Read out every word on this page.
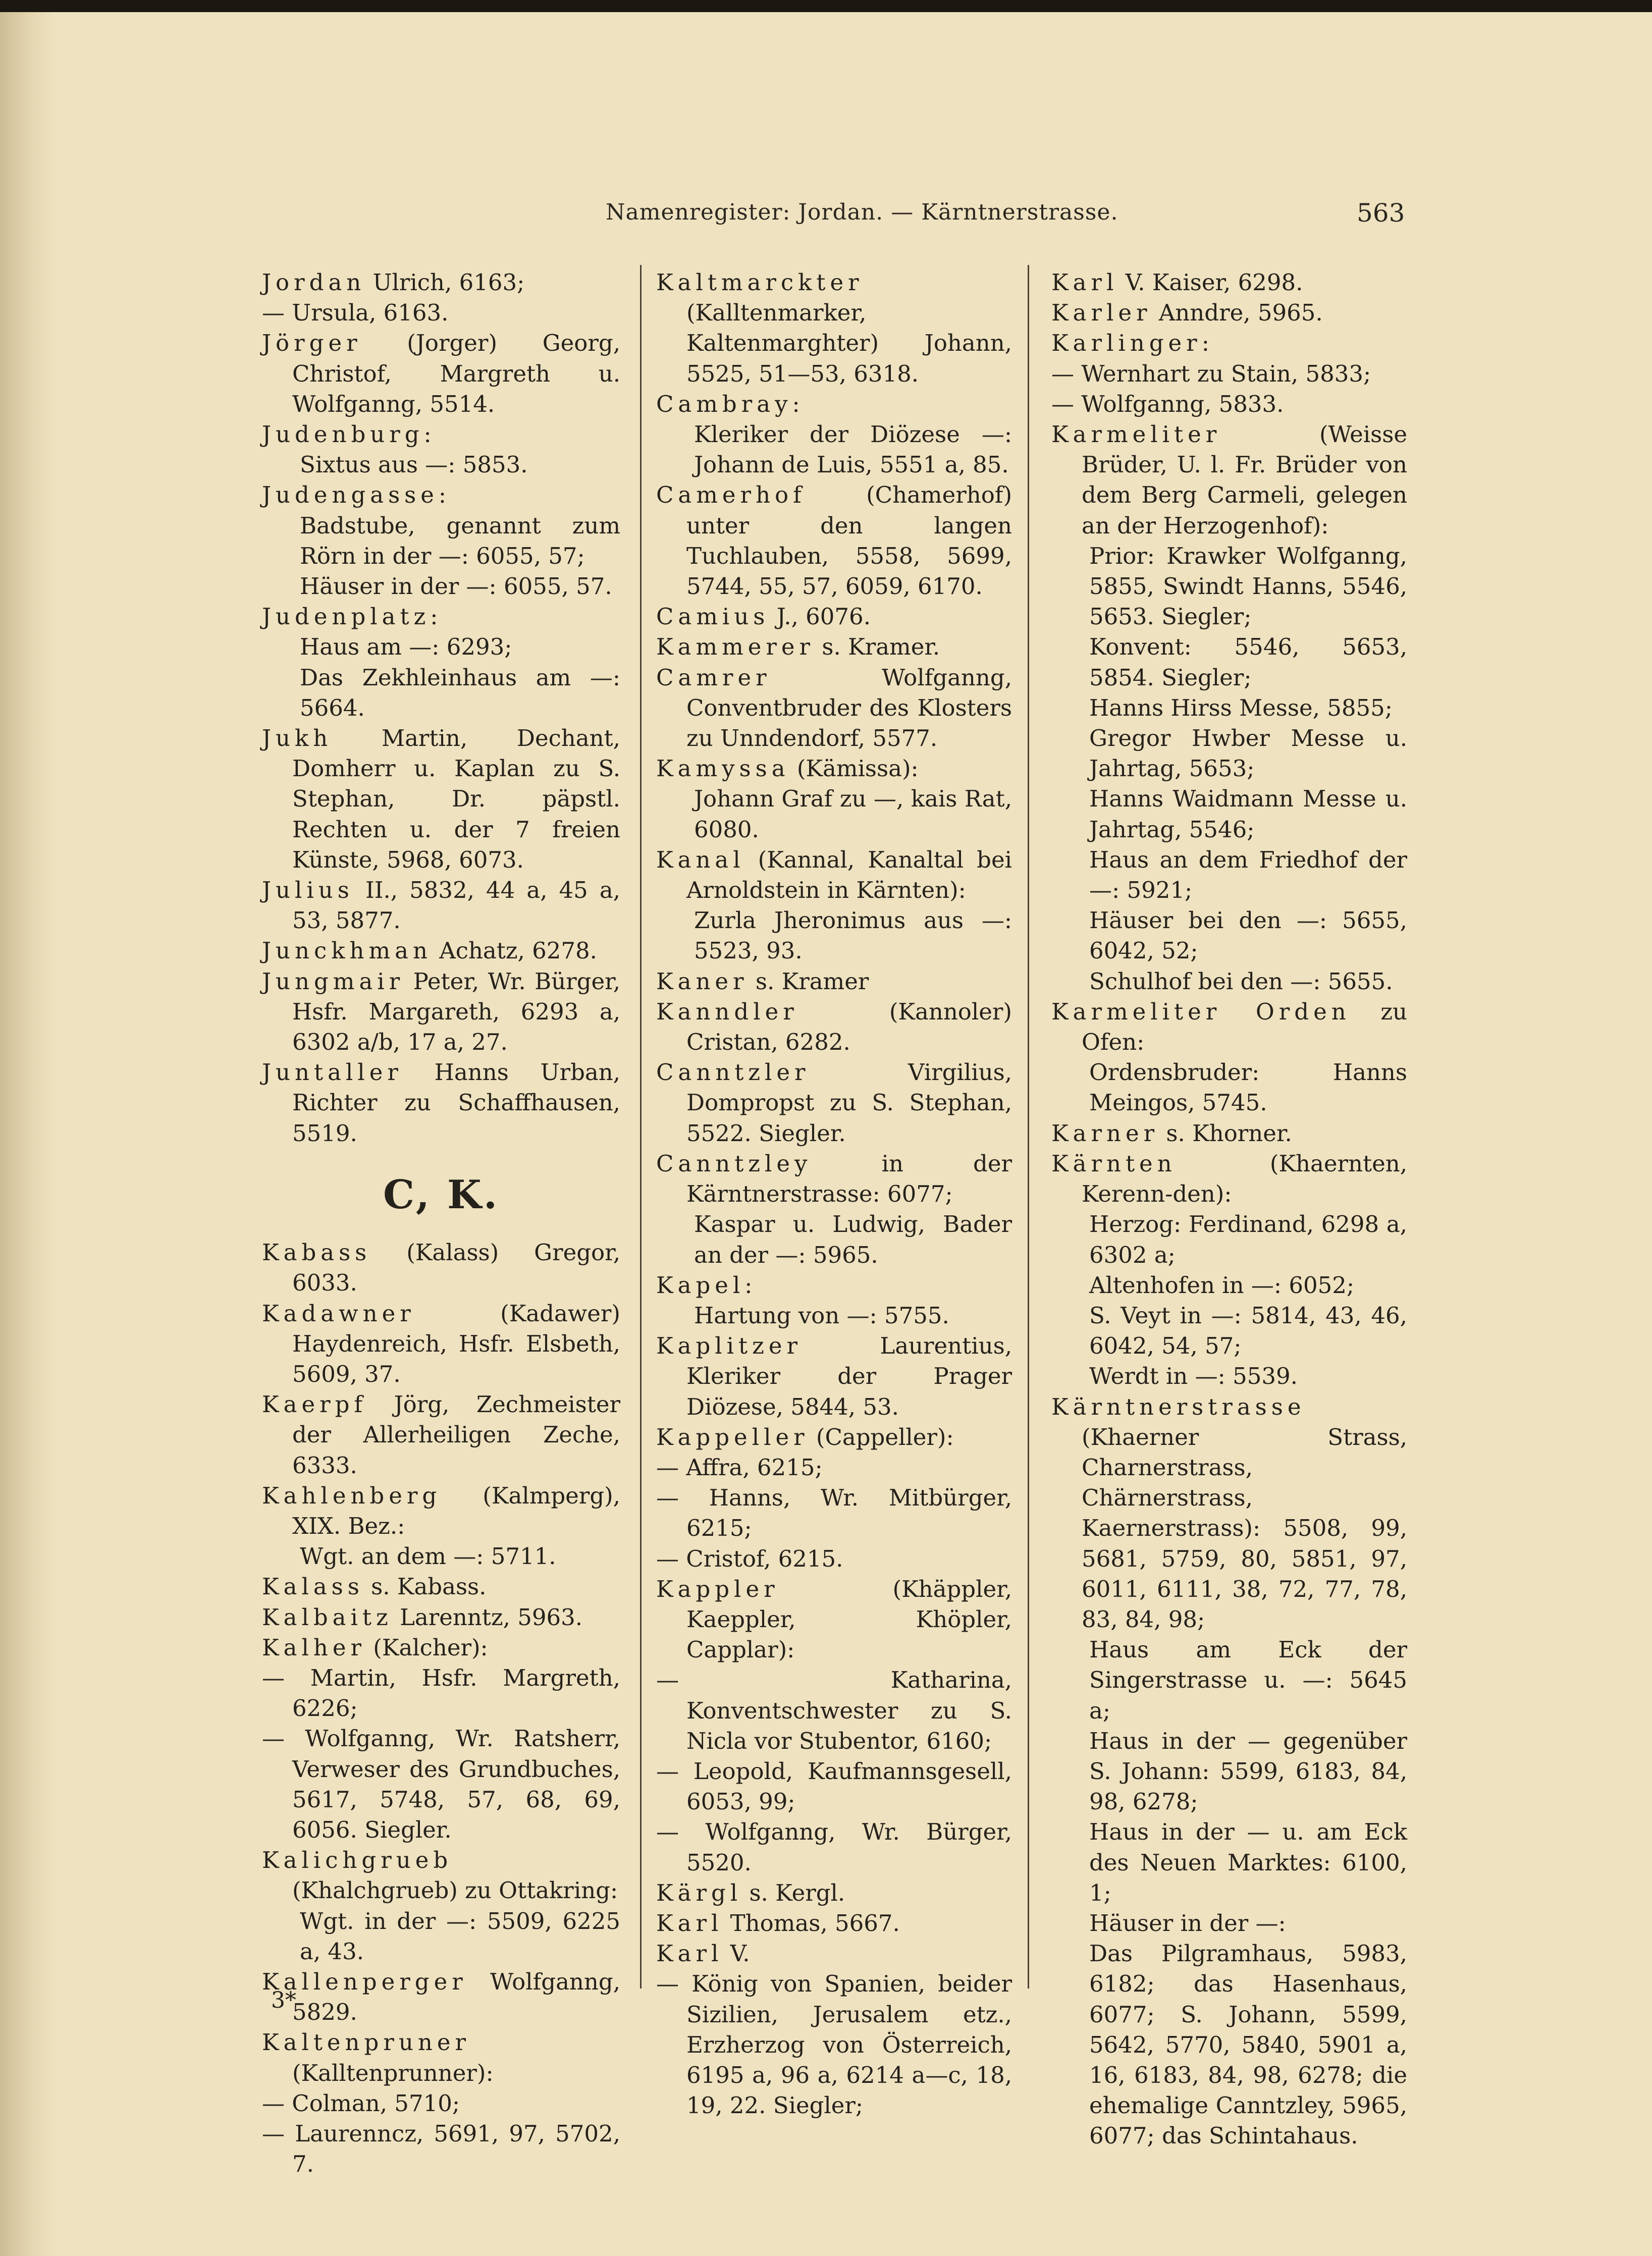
Namenregister: Jordan. — Kärntnerstrasse.	563
Jordan Ulrich, 6163;
— Ursula, 6163.
Jörger (Jorger) Georg, Christof, Margreth u. Wolfganng, 5514.
Judenburg:
Sixtus aus —: 5853.
Judengasse:
Badstube, genannt zum Rörn in der —: 6055, 57;
Häuser in der —: 6055, 57.
Judenplatz:
Haus am —: 6293;
Das Zekhleinhaus am —: 5664.
Jukh Martin, Dechant, Domherr u. Kaplan zu S. Stephan, Dr. päpstl. Rechten u. der 7 freien Künste, 5968, 6073.
Julius II., 5832, 44 a, 45 a, 53, 5877.
Junckhman Achatz, 6278.
Jungmair Peter, Wr. Bürger, Hsfr. Margareth, 6293 a, 6302 a/b, 17 a, 27.
Juntaller Hanns Urban, Richter zu Schaffhausen, 5519.
C, K.
Kabass (Kalass) Gregor, 6033.
Kadawner (Kadawer) Haydenreich, Hsfr. Elsbeth, 5609, 37.
Kaerpf Jörg, Zechmeister der Allerheiligen Zeche, 6333.
Kahlenberg (Kalmperg), XIX. Bez.:
Wgt. an dem —: 5711.
Kalass s. Kabass.
Kalbaitz Larenntz, 5963.
Kalher (Kalcher):
— Martin, Hsfr. Margreth, 6226;
— Wolfganng, Wr. Ratsherr, Verweser des Grundbuches, 5617, 5748, 57, 68, 69, 6056. Siegler.
Kalichgrueb (Khalchgrueb) zu Ottakring:
Wgt. in der —: 5509, 6225 a, 43.
Kallenperger Wolfganng, 5829.
Kaltenpruner (Kalltenprunner):
— Colman, 5710;
— Laurenncz, 5691, 97, 5702, 7.
Kaltmarckter (Kalltenmarker, Kaltenmarghter) Johann, 5525, 51—53, 6318.
Cambray:
Kleriker der Diözese —: Johann de Luis, 5551 a, 85.
Camerhof (Chamerhof) unter den langen Tuchlauben, 5558, 5699, 5744, 55, 57, 6059, 6170.
Camius J., 6076.
Kammerer s. Kramer.
Camrer Wolfganng, Conventbruder des Klosters zu Unndendorf, 5577.
Kamyssa (Kämissa):
Johann Graf zu —, kais Rat, 6080.
Kanal (Kannal, Kanaltal bei Arnoldstein in Kärnten):
Zurla Jheronimus aus —: 5523, 93.
Kaner s. Kramer
Kanndler (Kannoler) Cristan, 6282.
Canntzler Virgilius, Dompropst zu S. Stephan, 5522. Siegler.
Canntzley in der Kärntnerstrasse: 6077;
Kaspar u. Ludwig, Bader an der —: 5965.
Kapel:
Hartung von —: 5755.
Kaplitzer Laurentius, Kleriker der Prager Diözese, 5844, 53.
Kappeller (Cappeller):
— Affra, 6215;
— Hanns, Wr. Mitbürger, 6215;
— Cristof, 6215.
Kappler (Khäppler, Kaeppler, Khöpler, Capplar):
— Katharina, Konventschwester zu S. Nicla vor Stubentor, 6160;
— Leopold, Kaufmannsgesell, 6053, 99;
— Wolfganng, Wr. Bürger, 5520.
Kärgl s. Kergl.
Karl Thomas, 5667.
Karl V.
— König von Spanien, beider Sizilien, Jerusalem etz., Erzherzog von Österreich, 6195 a, 96 a, 6214 a—c, 18, 19, 22. Siegler;
Karl V. Kaiser, 6298.
Karler Anndre, 5965.
Karlinger:
— Wernhart zu Stain, 5833;
— Wolfganng, 5833.
Karmeliter (Weisse Brüder, U. l. Fr. Brüder von dem Berg Carmeli, gelegen an der Herzogenhof):
Prior: Krawker Wolfganng, 5855, Swindt Hanns, 5546, 5653. Siegler;
Konvent: 5546, 5653, 5854. Siegler;
Hanns Hirss Messe, 5855;
Gregor Hwber Messe u. Jahrtag, 5653;
Hanns Waidmann Messe u. Jahrtag, 5546;
Haus an dem Friedhof der —: 5921;
Häuser bei den —: 5655, 6042, 52;
Schulhof bei den —: 5655.
Karmeliter Orden zu Ofen:
Ordensbruder: Hanns Meingos, 5745.
Karner s. Khorner.
Kärnten (Khaernten, Kerenn-den):
Herzog: Ferdinand, 6298 a, 6302 a;
Altenhofen in —: 6052;
S. Veyt in —: 5814, 43, 46, 6042, 54, 57;
Werdt in —: 5539.
Kärntnerstrasse (Khaerner Strass, Charnerstrass, Chärnerstrass, Kaernerstrass): 5508, 99, 5681, 5759, 80, 5851, 97, 6011, 6111, 38, 72, 77, 78, 83, 84, 98;
Haus am Eck der Singerstrasse u. —: 5645 a;
Haus in der — gegenüber S. Johann: 5599, 6183, 84, 98, 6278;
Haus in der — u. am Eck des Neuen Marktes: 6100, 1;
Häuser in der —:
Das Pilgramhaus, 5983, 6182; das Hasenhaus, 6077; S. Johann, 5599, 5642, 5770, 5840, 5901 a, 16, 6183, 84, 98, 6278; die ehemalige Canntzley, 5965, 6077; das Schintahaus.
3*
